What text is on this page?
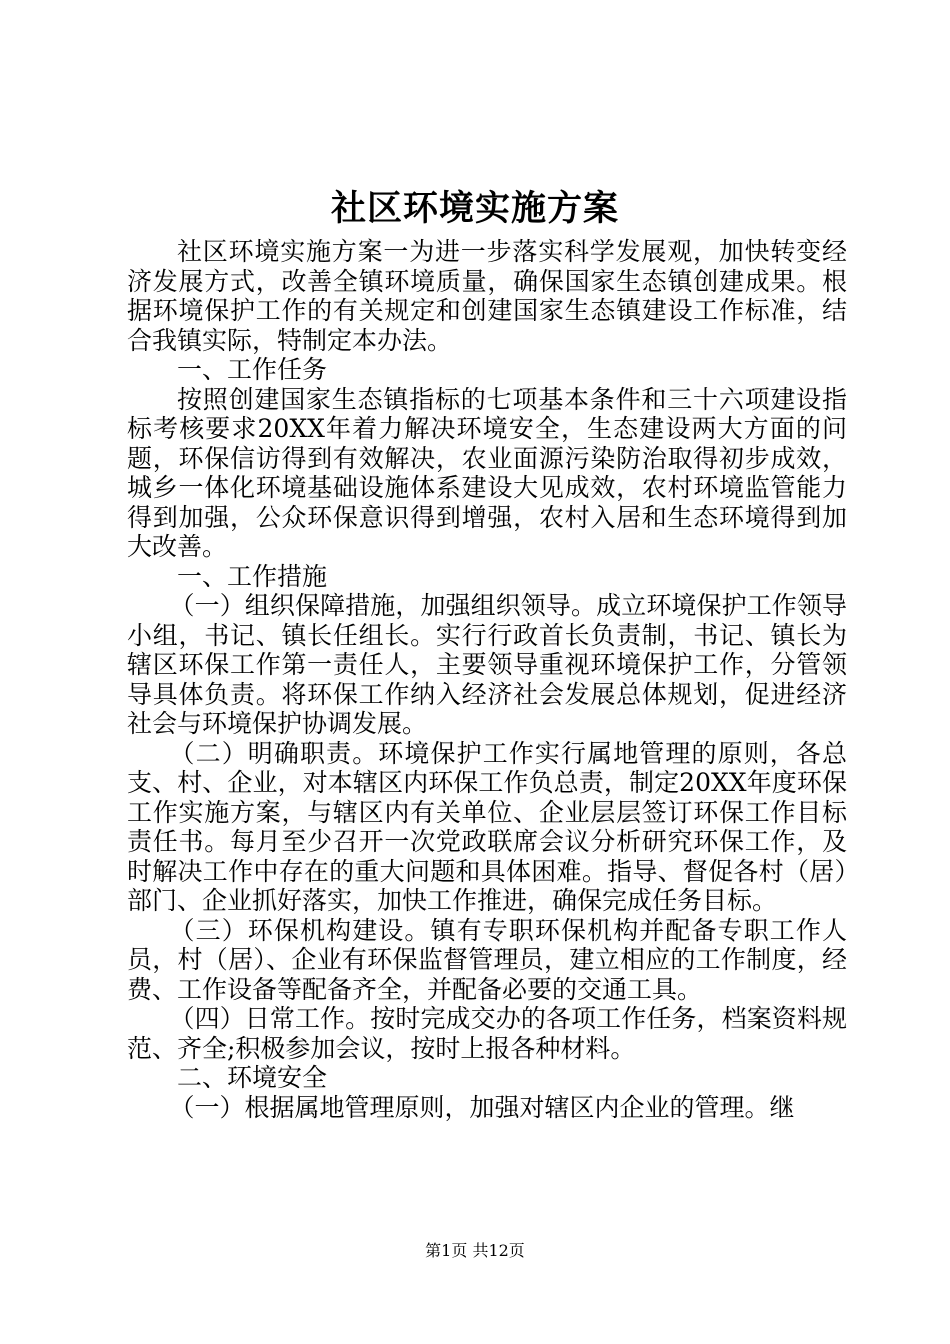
社区环境实施方案

社区环境实施方案一为进一步落实科学发展观，加快转变经济发展方式，改善全镇环境质量，确保国家生态镇创建成果。根据环境保护工作的有关规定和创建国家生态镇建设工作标准，结合我镇实际，特制定本办法。

一、工作任务

按照创建国家生态镇指标的七项基本条件和三十六项建设指标考核要求20XX年着力解决环境安全，生态建设两大方面的问题，环保信访得到有效解决，农业面源污染防治取得初步成效，城乡一体化环境基础设施体系建设大见成效，农村环境监管能力得到加强，公众环保意识得到增强，农村入居和生态环境得到加大改善。

一、工作措施

（一）组织保障措施，加强组织领导。成立环境保护工作领导小组，书记、镇长任组长。实行行政首长负责制，书记、镇长为辖区环保工作第一责任人，主要领导重视环境保护工作，分管领导具体负责。将环保工作纳入经济社会发展总体规划，促进经济社会与环境保护协调发展。

（二）明确职责。环境保护工作实行属地管理的原则，各总支、村、企业，对本辖区内环保工作负总责，制定20XX年度环保工作实施方案，与辖区内有关单位、企业层层签订环保工作目标责任书。每月至少召开一次党政联席会议分析研究环保工作，及时解决工作中存在的重大问题和具体困难。指导、督促各村（居）部门、企业抓好落实，加快工作推进，确保完成任务目标。

（三）环保机构建设。镇有专职环保机构并配备专职工作人员，村（居）、企业有环保监督管理员，建立相应的工作制度，经费、工作设备等配备齐全，并配备必要的交通工具。

（四）日常工作。按时完成交办的各项工作任务，档案资料规范、齐全;积极参加会议，按时上报各种材料。

二、环境安全

（一）根据属地管理原则，加强对辖区内企业的管理。继

第1页 共12页
